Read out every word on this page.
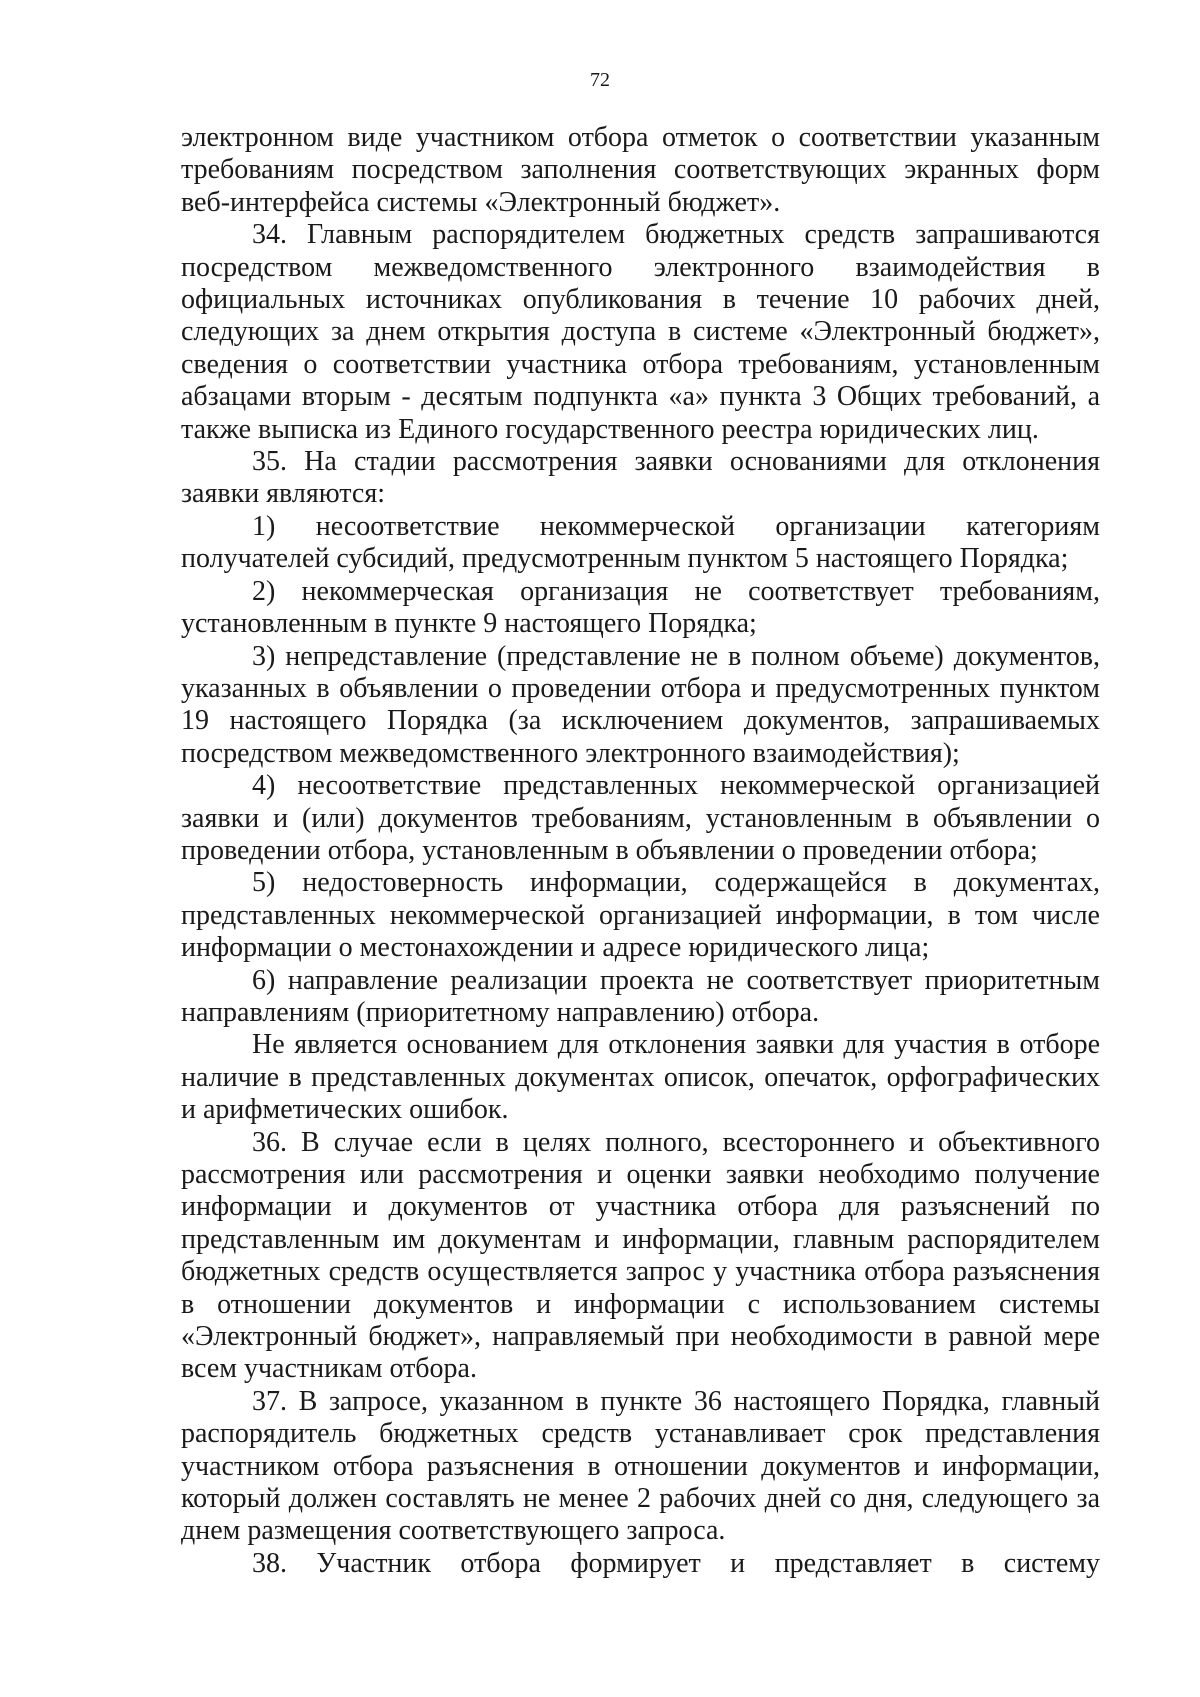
72

электронном виде участником отбора отметок о соответствии указанным требованиям посредством заполнения соответствующих экранных форм веб-интерфейса системы «Электронный бюджет».

34. Главным распорядителем бюджетных средств запрашиваются посредством межведомственного электронного взаимодействия в официальных источниках опубликования в течение 10 рабочих дней, следующих за днем открытия доступа в системе «Электронный бюджет», сведения о соответствии участника отбора требованиям, установленным абзацами вторым - десятым подпункта «а» пункта 3 Общих требований, а также выписка из Единого государственного реестра юридических лиц.

35. На стадии рассмотрения заявки основаниями для отклонения заявки являются:

1) несоответствие некоммерческой организации категориям получателей субсидий, предусмотренным пунктом 5 настоящего Порядка;

2) некоммерческая организация не соответствует требованиям, установленным в пункте 9 настоящего Порядка;

3) непредставление (представление не в полном объеме) документов, указанных в объявлении о проведении отбора и предусмотренных пунктом 19 настоящего Порядка (за исключением документов, запрашиваемых посредством межведомственного электронного взаимодействия);

4) несоответствие представленных некоммерческой организацией заявки и (или) документов требованиям, установленным в объявлении о проведении отбора, установленным в объявлении о проведении отбора;

5) недостоверность информации, содержащейся в документах, представленных некоммерческой организацией информации, в том числе информации о местонахождении и адресе юридического лица;

6) направление реализации проекта не соответствует приоритетным направлениям (приоритетному направлению) отбора.

Не является основанием для отклонения заявки для участия в отборе наличие в представленных документах описок, опечаток, орфографических и арифметических ошибок.

36. В случае если в целях полного, всестороннего и объективного рассмотрения или рассмотрения и оценки заявки необходимо получение информации и документов от участника отбора для разъяснений по представленным им документам и информации, главным распорядителем бюджетных средств осуществляется запрос у участника отбора разъяснения в отношении документов и информации с использованием системы «Электронный бюджет», направляемый при необходимости в равной мере всем участникам отбора.

37. В запросе, указанном в пункте 36 настоящего Порядка, главный распорядитель бюджетных средств устанавливает срок представления участником отбора разъяснения в отношении документов и информации, который должен составлять не менее 2 рабочих дней со дня, следующего за днем размещения соответствующего запроса.

38. Участник отбора формирует и представляет в систему
